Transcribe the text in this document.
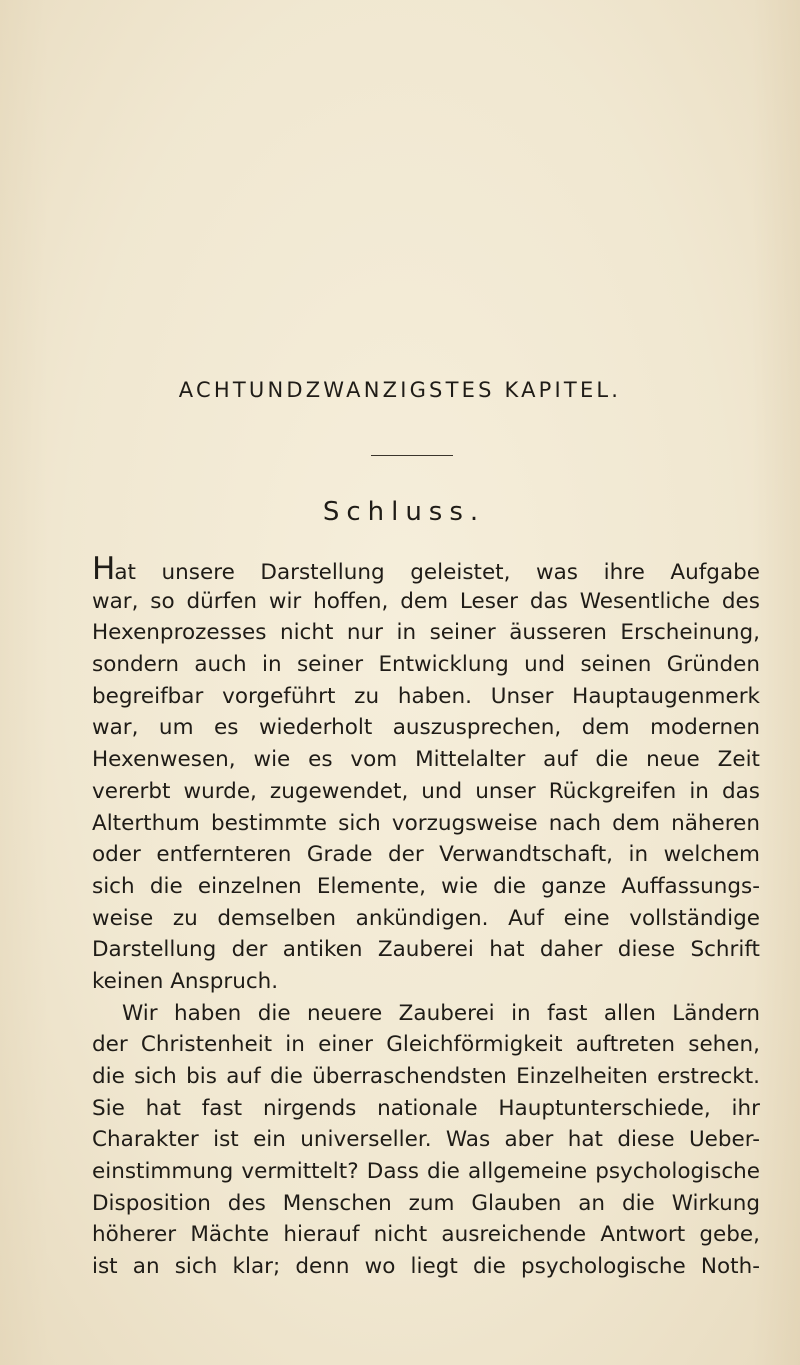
ACHTUNDZWANZIGSTES KAPITEL.
Schluss.
Hat unsere Darstellung geleistet, was ihre Aufgabe
war, so dürfen wir hoffen, dem Leser das Wesentliche des
Hexenprozesses nicht nur in seiner äusseren Erscheinung,
sondern auch in seiner Entwicklung und seinen Gründen
begreifbar vorgeführt zu haben. Unser Hauptaugenmerk
war, um es wiederholt auszusprechen, dem modernen
Hexenwesen, wie es vom Mittelalter auf die neue Zeit
vererbt wurde, zugewendet, und unser Rückgreifen in das
Alterthum bestimmte sich vorzugsweise nach dem näheren
oder entfernteren Grade der Verwandtschaft, in welchem
sich die einzelnen Elemente, wie die ganze Auffassungs-
weise zu demselben ankündigen. Auf eine vollständige
Darstellung der antiken Zauberei hat daher diese Schrift
keinen Anspruch.
Wir haben die neuere Zauberei in fast allen Ländern
der Christenheit in einer Gleichförmigkeit auftreten sehen,
die sich bis auf die überraschendsten Einzelheiten erstreckt.
Sie hat fast nirgends nationale Hauptunterschiede, ihr
Charakter ist ein universeller. Was aber hat diese Ueber-
einstimmung vermittelt? Dass die allgemeine psychologische
Disposition des Menschen zum Glauben an die Wirkung
höherer Mächte hierauf nicht ausreichende Antwort gebe,
ist an sich klar; denn wo liegt die psychologische Noth-
